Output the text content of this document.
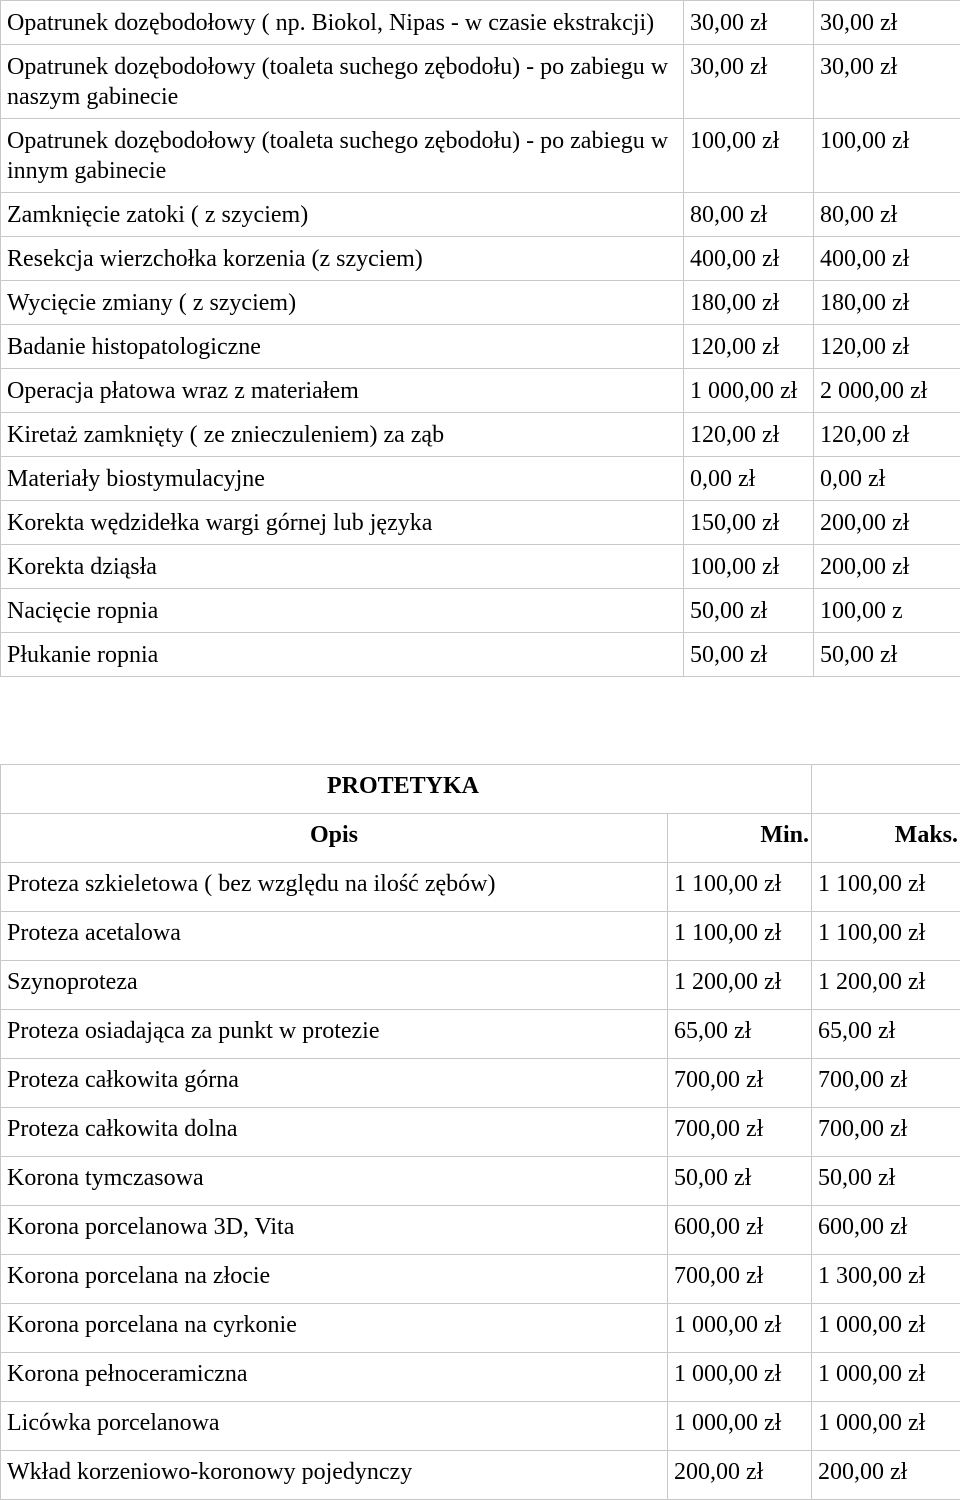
Opatrunek dozębodołowy ( np. Biokol, Nipas - w czasie ekstrakcji)	30,00 zł	30,00 zł
Opatrunek dozębodołowy (toaleta suchego zębodołu) - po zabiegu w naszym gabinecie	30,00 zł	30,00 zł
Opatrunek dozębodołowy (toaleta suchego zębodołu) - po zabiegu w innym gabinecie	100,00 zł	100,00 zł
Zamknięcie zatoki ( z szyciem)	80,00 zł	80,00 zł
Resekcja wierzchołka korzenia (z szyciem)	400,00 zł	400,00 zł
Wycięcie zmiany ( z szyciem)	180,00 zł	180,00 zł
Badanie histopatologiczne	120,00 zł	120,00 zł
Operacja płatowa wraz z materiałem	1 000,00 zł	2 000,00 zł
Kiretaż zamknięty ( ze znieczuleniem) za ząb	120,00 zł	120,00 zł
Materiały biostymulacyjne	0,00 zł	0,00 zł
Korekta wędzidełka wargi górnej lub języka	150,00 zł	200,00 zł
Korekta dziąsła	100,00 zł	200,00 zł
Nacięcie ropnia	50,00 zł	100,00 z
Płukanie ropnia	50,00 zł	50,00 zł
PROTETYKA		
Opis	Min.	Maks.
Proteza szkieletowa ( bez względu na ilość zębów)	1 100,00 zł	1 100,00 zł
Proteza acetalowa	1 100,00 zł	1 100,00 zł
Szynoproteza	1 200,00 zł	1 200,00 zł
Proteza osiadająca za punkt w protezie	65,00 zł	65,00 zł
Proteza całkowita górna	700,00 zł	700,00 zł
Proteza całkowita dolna	700,00 zł	700,00 zł
Korona tymczasowa	50,00 zł	50,00 zł
Korona porcelanowa 3D, Vita	600,00 zł	600,00 zł
Korona porcelana na złocie	700,00 zł	1 300,00 zł
Korona porcelana na cyrkonie	1 000,00 zł	1 000,00 zł
Korona pełnoceramiczna	1 000,00 zł	1 000,00 zł
Licówka porcelanowa	1 000,00 zł	1 000,00 zł
Wkład korzeniowo-koronowy pojedynczy	200,00 zł	200,00 zł
